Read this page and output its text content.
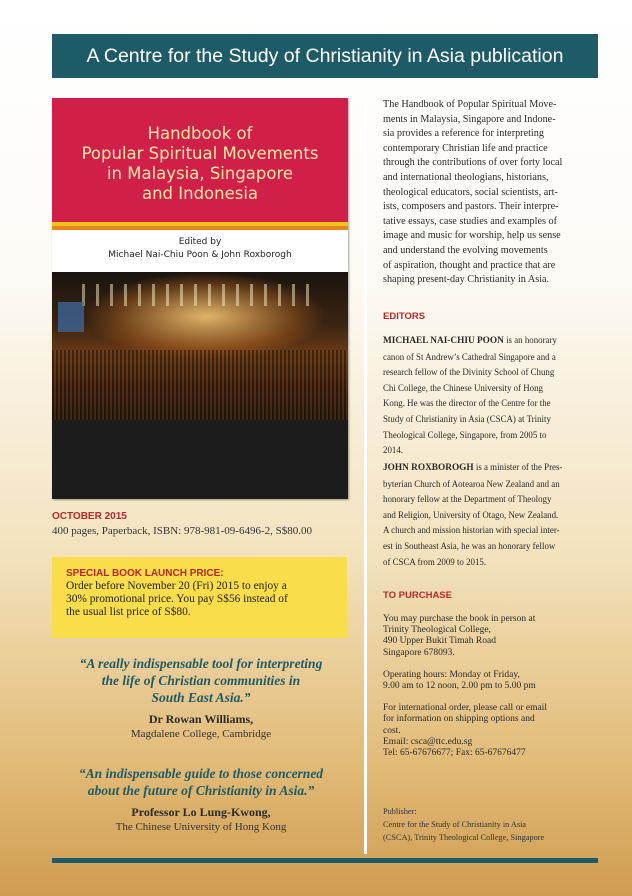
A Centre for the Study of Christianity in Asia publication
Handbook of
Popular Spiritual Movements
in Malaysia, Singapore
and Indonesia
Edited by
Michael Nai-Chiu Poon & John Roxborogh
OCTOBER 2015
400 pages, Paperback, ISBN: 978-981-09-6496-2, S$80.00
SPECIAL BOOK LAUNCH PRICE:
Order before November 20 (Fri) 2015 to enjoy a
30% promotional price. You pay S$56 instead of
the usual list price of S$80.
“A really indispensable tool for interpreting
the life of Christian communities in
South East Asia.”
Dr Rowan Williams,
Magdalene College, Cambridge
“An indispensable guide to those concerned
about the future of Christianity in Asia.”
Professor Lo Lung-Kwong,
The Chinese University of Hong Kong
The Handbook of Popular Spiritual Move-
ments in Malaysia, Singapore and Indone-
sia provides a reference for interpreting
contemporary Christian life and practice
through the contributions of over forty local
and international theologians, historians,
theological educators, social scientists, art-
ists, composers and pastors. Their interpre-
tative essays, case studies and examples of
image and music for worship, help us sense
and understand the evolving movements
of aspiration, thought and practice that are
shaping present-day Christianity in Asia.
EDITORS
MICHAEL NAI-CHIU POON is an honorary
canon of St Andrew’s Cathedral Singapore and a
research fellow of the Divinity School of Chung
Chi College, the Chinese University of Hong
Kong. He was the director of the Centre for the
Study of Christianity in Asia (CSCA) at Trinity
Theological College, Singapore, from 2005 to
2014.
JOHN ROXBOROGH is a minister of the Pres-
byterian Church of Aotearoa New Zealand and an
honorary fellow at the Department of Theology
and Religion, University of Otago, New Zealand.
A church and mission historian with special inter-
est in Southeast Asia, he was an honorary fellow
of CSCA from 2009 to 2015.
TO PURCHASE
You may purchase the book in person at
Trinity Theological College,
490 Upper Bukit Timah Road
Singapore 678093.
Operating hours: Monday ot Friday,
9.00 am to 12 noon, 2.00 pm to 5.00 pm
For international order, please call or email
for information on shipping options and
cost.
Email: csca@ttc.edu.sg
Tel: 65-67676677; Fax: 65-67676477
Publisher:
Centre for the Study of Christianity in Asia
(CSCA), Trinity Theological College, Singapore
